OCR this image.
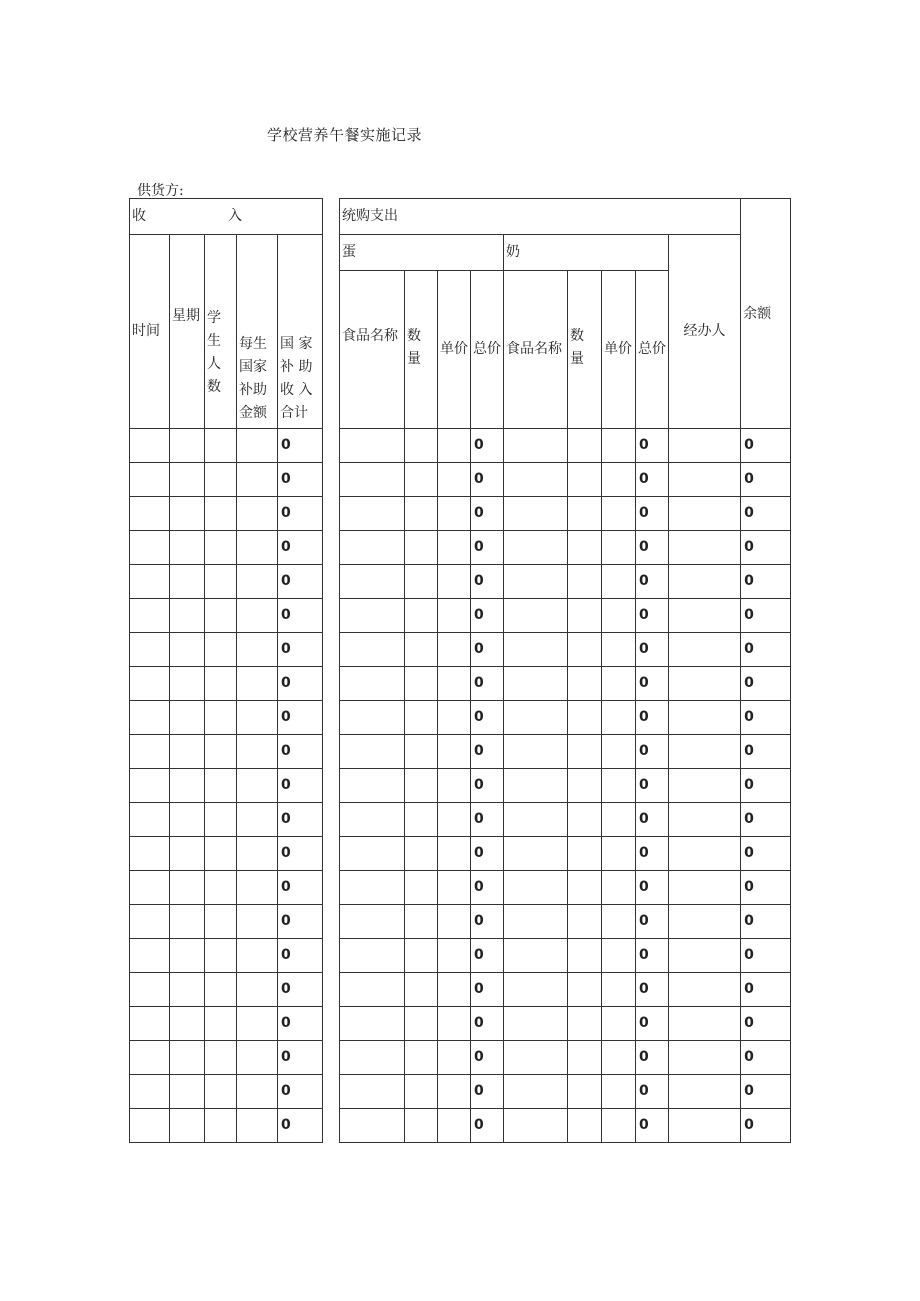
学校营养午餐实施记录
供货方:
收 入						统购支出									余额
时间	星期	学生人数	每生国家补助金额	国 家 补 助 收 入 合计		蛋				奶				经办人	
						食品名称	数 量	单价	总价	食品名称	数 量	单价	总价		
				0					0				0		0
				0					0				0		0
				0					0				0		0
				0					0				0		0
				0					0				0		0
				0					0				0		0
				0					0				0		0
				0					0				0		0
				0					0				0		0
				0					0				0		0
				0					0				0		0
				0					0				0		0
				0					0				0		0
				0					0				0		0
				0					0				0		0
				0					0				0		0
				0					0				0		0
				0					0				0		0
				0					0				0		0
				0					0				0		0
				0					0				0		0
